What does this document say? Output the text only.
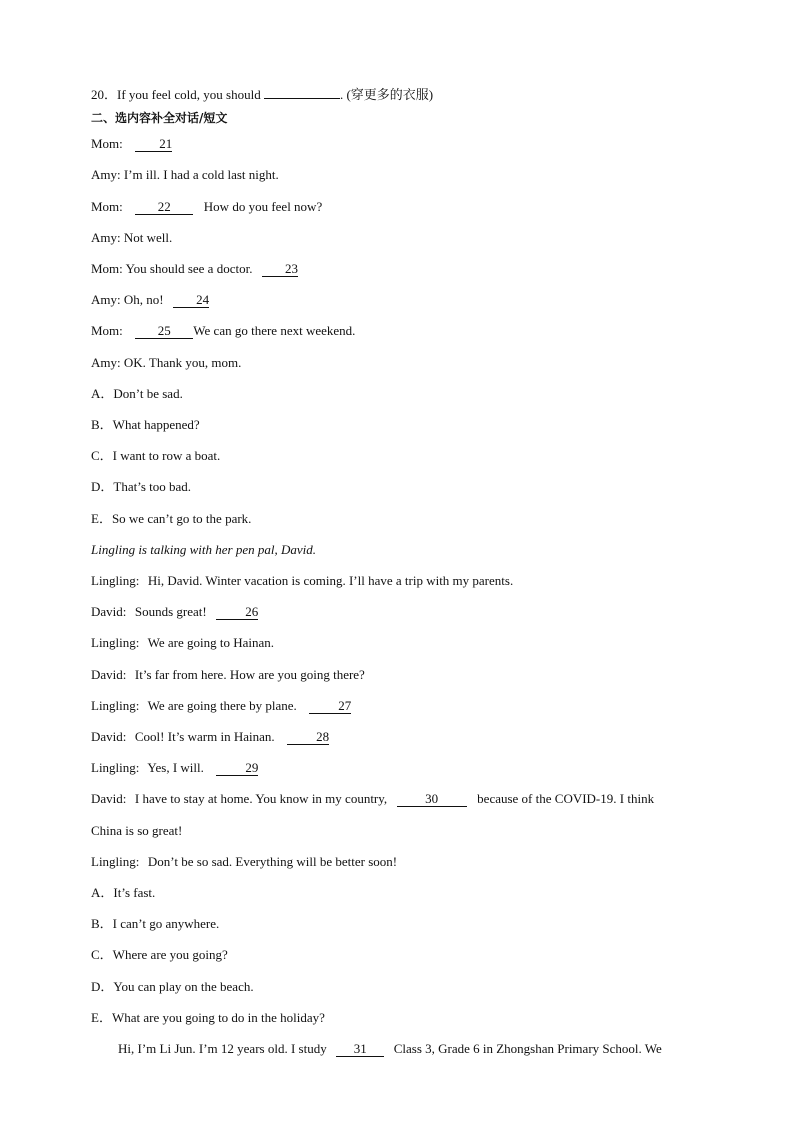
20．If you feel cold, you should	. (穿更多的衣服)
二、选内容补全对话/短文
Mom:	21
Amy: I’m ill. I had a cold last night.
Mom:	22	How do you feel now?
Amy: Not well.
Mom: You should see a doctor.	23
Amy: Oh, no!	24
Mom:	25 We can go there next weekend.
Amy: OK. Thank you, mom.
A．Don’t be sad.
B．What happened?
C．I want to row a boat.
D．That’s too bad.
E．So we can’t go to the park.
Lingling is talking with her pen pal, David.
Lingling: Hi, David. Winter vacation is coming. I’ll have a trip with my parents.
David: Sounds great!	26
Lingling: We are going to Hainan.
David: It’s far from here. How are you going there?
Lingling: We are going there by plane.	27
David: Cool! It’s warm in Hainan.	28
Lingling: Yes, I will.	29
David: I have to stay at home. You know in my country,	30	because of the COVID-19. I think
China is so great!
Lingling: Don’t be so sad. Everything will be better soon!
A．It’s fast.
B．I can’t go anywhere.
C．Where are you going?
D．You can play on the beach.
E．What are you going to do in the holiday?
Hi, I’m Li Jun. I’m 12 years old. I study 31 Class 3, Grade 6 in Zhongshan Primary School. We
